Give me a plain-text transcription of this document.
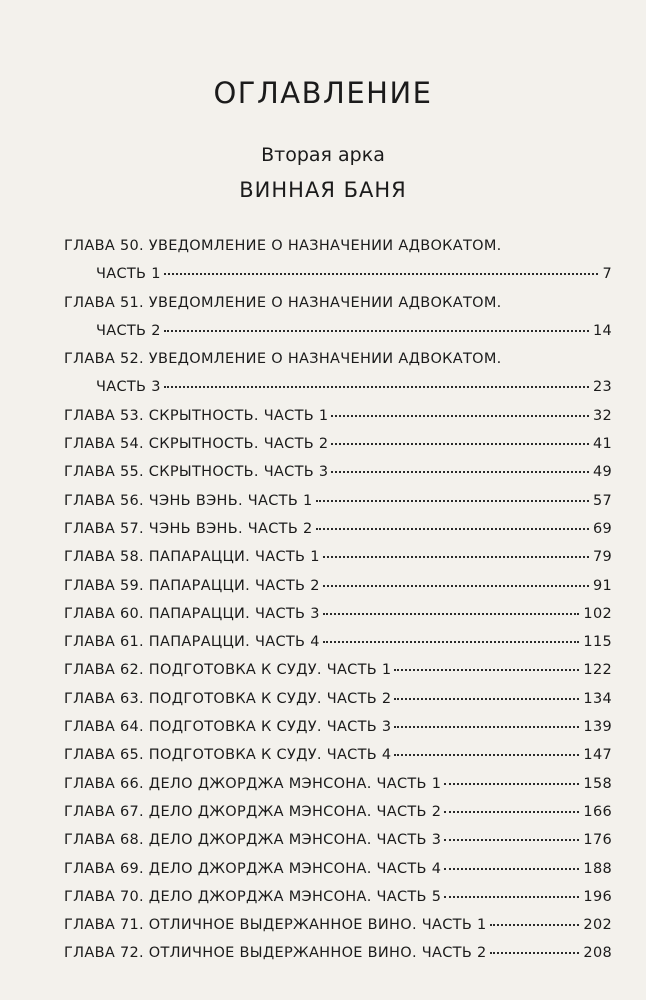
ОГЛАВЛЕНИЕ

Вторая арка

ВИННАЯ БАНЯ

ГЛАВА 50. УВЕДОМЛЕНИЕ О НАЗНАЧЕНИИ АДВОКАТОМ.
ЧАСТЬ 1	7
ГЛАВА 51. УВЕДОМЛЕНИЕ О НАЗНАЧЕНИИ АДВОКАТОМ.
ЧАСТЬ 2	14
ГЛАВА 52. УВЕДОМЛЕНИЕ О НАЗНАЧЕНИИ АДВОКАТОМ.
ЧАСТЬ 3	23
ГЛАВА 53. СКРЫТНОСТЬ. ЧАСТЬ 1	32
ГЛАВА 54. СКРЫТНОСТЬ. ЧАСТЬ 2	41
ГЛАВА 55. СКРЫТНОСТЬ. ЧАСТЬ 3	49
ГЛАВА 56. ЧЭНЬ ВЭНЬ. ЧАСТЬ 1	57
ГЛАВА 57. ЧЭНЬ ВЭНЬ. ЧАСТЬ 2	69
ГЛАВА 58. ПАПАРАЦЦИ. ЧАСТЬ 1	79
ГЛАВА 59. ПАПАРАЦЦИ. ЧАСТЬ 2	91
ГЛАВА 60. ПАПАРАЦЦИ. ЧАСТЬ 3	102
ГЛАВА 61. ПАПАРАЦЦИ. ЧАСТЬ 4	115
ГЛАВА 62. ПОДГОТОВКА К СУДУ. ЧАСТЬ 1	122
ГЛАВА 63. ПОДГОТОВКА К СУДУ. ЧАСТЬ 2	134
ГЛАВА 64. ПОДГОТОВКА К СУДУ. ЧАСТЬ 3	139
ГЛАВА 65. ПОДГОТОВКА К СУДУ. ЧАСТЬ 4	147
ГЛАВА 66. ДЕЛО ДЖОРДЖА МЭНСОНА. ЧАСТЬ 1	158
ГЛАВА 67. ДЕЛО ДЖОРДЖА МЭНСОНА. ЧАСТЬ 2	166
ГЛАВА 68. ДЕЛО ДЖОРДЖА МЭНСОНА. ЧАСТЬ 3	176
ГЛАВА 69. ДЕЛО ДЖОРДЖА МЭНСОНА. ЧАСТЬ 4	188
ГЛАВА 70. ДЕЛО ДЖОРДЖА МЭНСОНА. ЧАСТЬ 5	196
ГЛАВА 71. ОТЛИЧНОЕ ВЫДЕРЖАННОЕ ВИНО. ЧАСТЬ 1	202
ГЛАВА 72. ОТЛИЧНОЕ ВЫДЕРЖАННОЕ ВИНО. ЧАСТЬ 2	208
